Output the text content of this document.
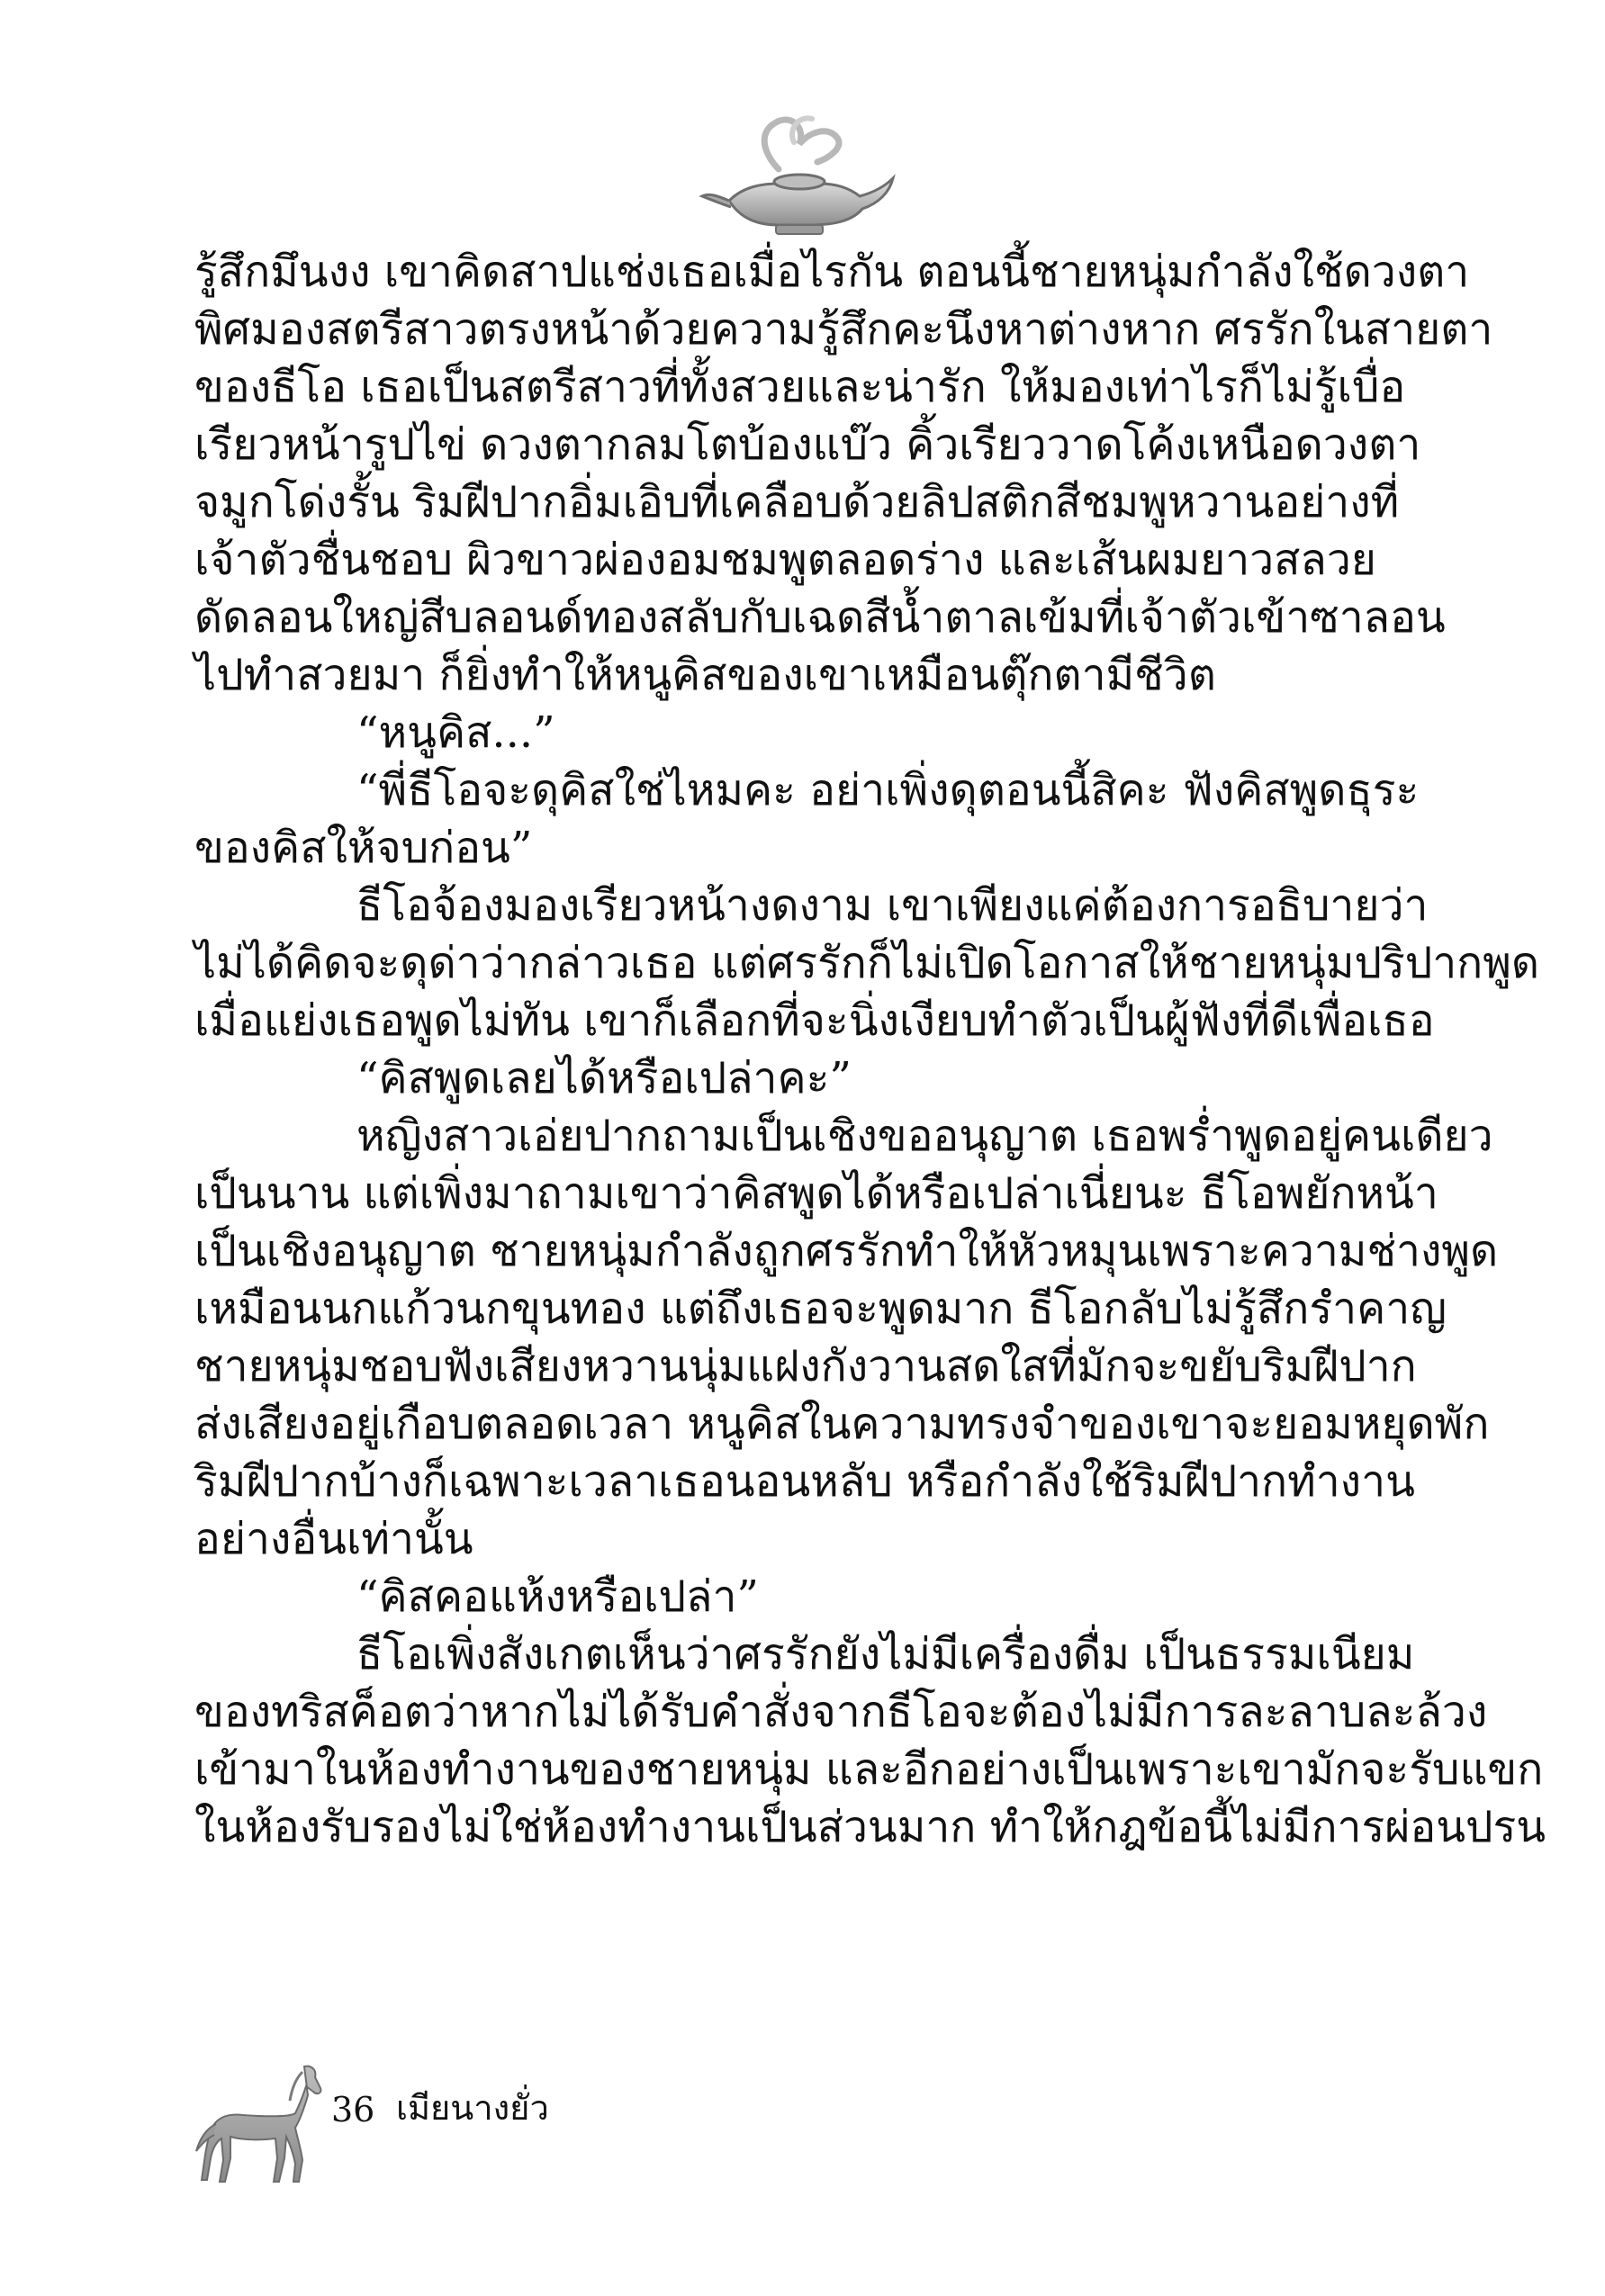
รู้สึกมึนงง เขาคิดสาปแช่งเธอเมื่อไรกัน ตอนนี้ชายหนุ่มกำลังใช้ดวงตา
พิศมองสตรีสาวตรงหน้าด้วยความรู้สึกคะนึงหาต่างหาก ศรรักในสายตา
ของธีโอ เธอเป็นสตรีสาวที่ทั้งสวยและน่ารัก ให้มองเท่าไรก็ไม่รู้เบื่อ
เรียวหน้ารูปไข่ ดวงตากลมโตบ้องแบ๊ว คิ้วเรียววาดโค้งเหนือดวงตา
จมูกโด่งรั้น ริมฝีปากอิ่มเอิบที่เคลือบด้วยลิปสติกสีชมพูหวานอย่างที่
เจ้าตัวชื่นชอบ ผิวขาวผ่องอมชมพูตลอดร่าง และเส้นผมยาวสลวย
ดัดลอนใหญ่สีบลอนด์ทองสลับกับเฉดสีน้ำตาลเข้มที่เจ้าตัวเข้าซาลอน
ไปทำสวยมา ก็ยิ่งทำให้หนูคิสของเขาเหมือนตุ๊กตามีชีวิต
“หนูคิส...”
“พี่ธีโอจะดุคิสใช่ไหมคะ อย่าเพิ่งดุตอนนี้สิคะ ฟังคิสพูดธุระ
ของคิสให้จบก่อน”
ธีโอจ้องมองเรียวหน้างดงาม เขาเพียงแค่ต้องการอธิบายว่า
ไม่ได้คิดจะดุด่าว่ากล่าวเธอ แต่ศรรักก็ไม่เปิดโอกาสให้ชายหนุ่มปริปากพูด
เมื่อแย่งเธอพูดไม่ทัน เขาก็เลือกที่จะนิ่งเงียบทำตัวเป็นผู้ฟังที่ดีเพื่อเธอ
“คิสพูดเลยได้หรือเปล่าคะ”
หญิงสาวเอ่ยปากถามเป็นเชิงขออนุญาต เธอพร่ำพูดอยู่คนเดียว
เป็นนาน แต่เพิ่งมาถามเขาว่าคิสพูดได้หรือเปล่าเนี่ยนะ ธีโอพยักหน้า
เป็นเชิงอนุญาต ชายหนุ่มกำลังถูกศรรักทำให้หัวหมุนเพราะความช่างพูด
เหมือนนกแก้วนกขุนทอง แต่ถึงเธอจะพูดมาก ธีโอกลับไม่รู้สึกรำคาญ
ชายหนุ่มชอบฟังเสียงหวานนุ่มแฝงกังวานสดใสที่มักจะขยับริมฝีปาก
ส่งเสียงอยู่เกือบตลอดเวลา หนูคิสในความทรงจำของเขาจะยอมหยุดพัก
ริมฝีปากบ้างก็เฉพาะเวลาเธอนอนหลับ หรือกำลังใช้ริมฝีปากทำงาน
อย่างอื่นเท่านั้น
“คิสคอแห้งหรือเปล่า”
ธีโอเพิ่งสังเกตเห็นว่าศรรักยังไม่มีเครื่องดื่ม เป็นธรรมเนียม
ของทริสค็อตว่าหากไม่ได้รับคำสั่งจากธีโอจะต้องไม่มีการละลาบละล้วง
เข้ามาในห้องทำงานของชายหนุ่ม และอีกอย่างเป็นเพราะเขามักจะรับแขก
ในห้องรับรองไม่ใช่ห้องทำงานเป็นส่วนมาก ทำให้กฎข้อนี้ไม่มีการผ่อนปรน
36 เมียนางยั่ว
